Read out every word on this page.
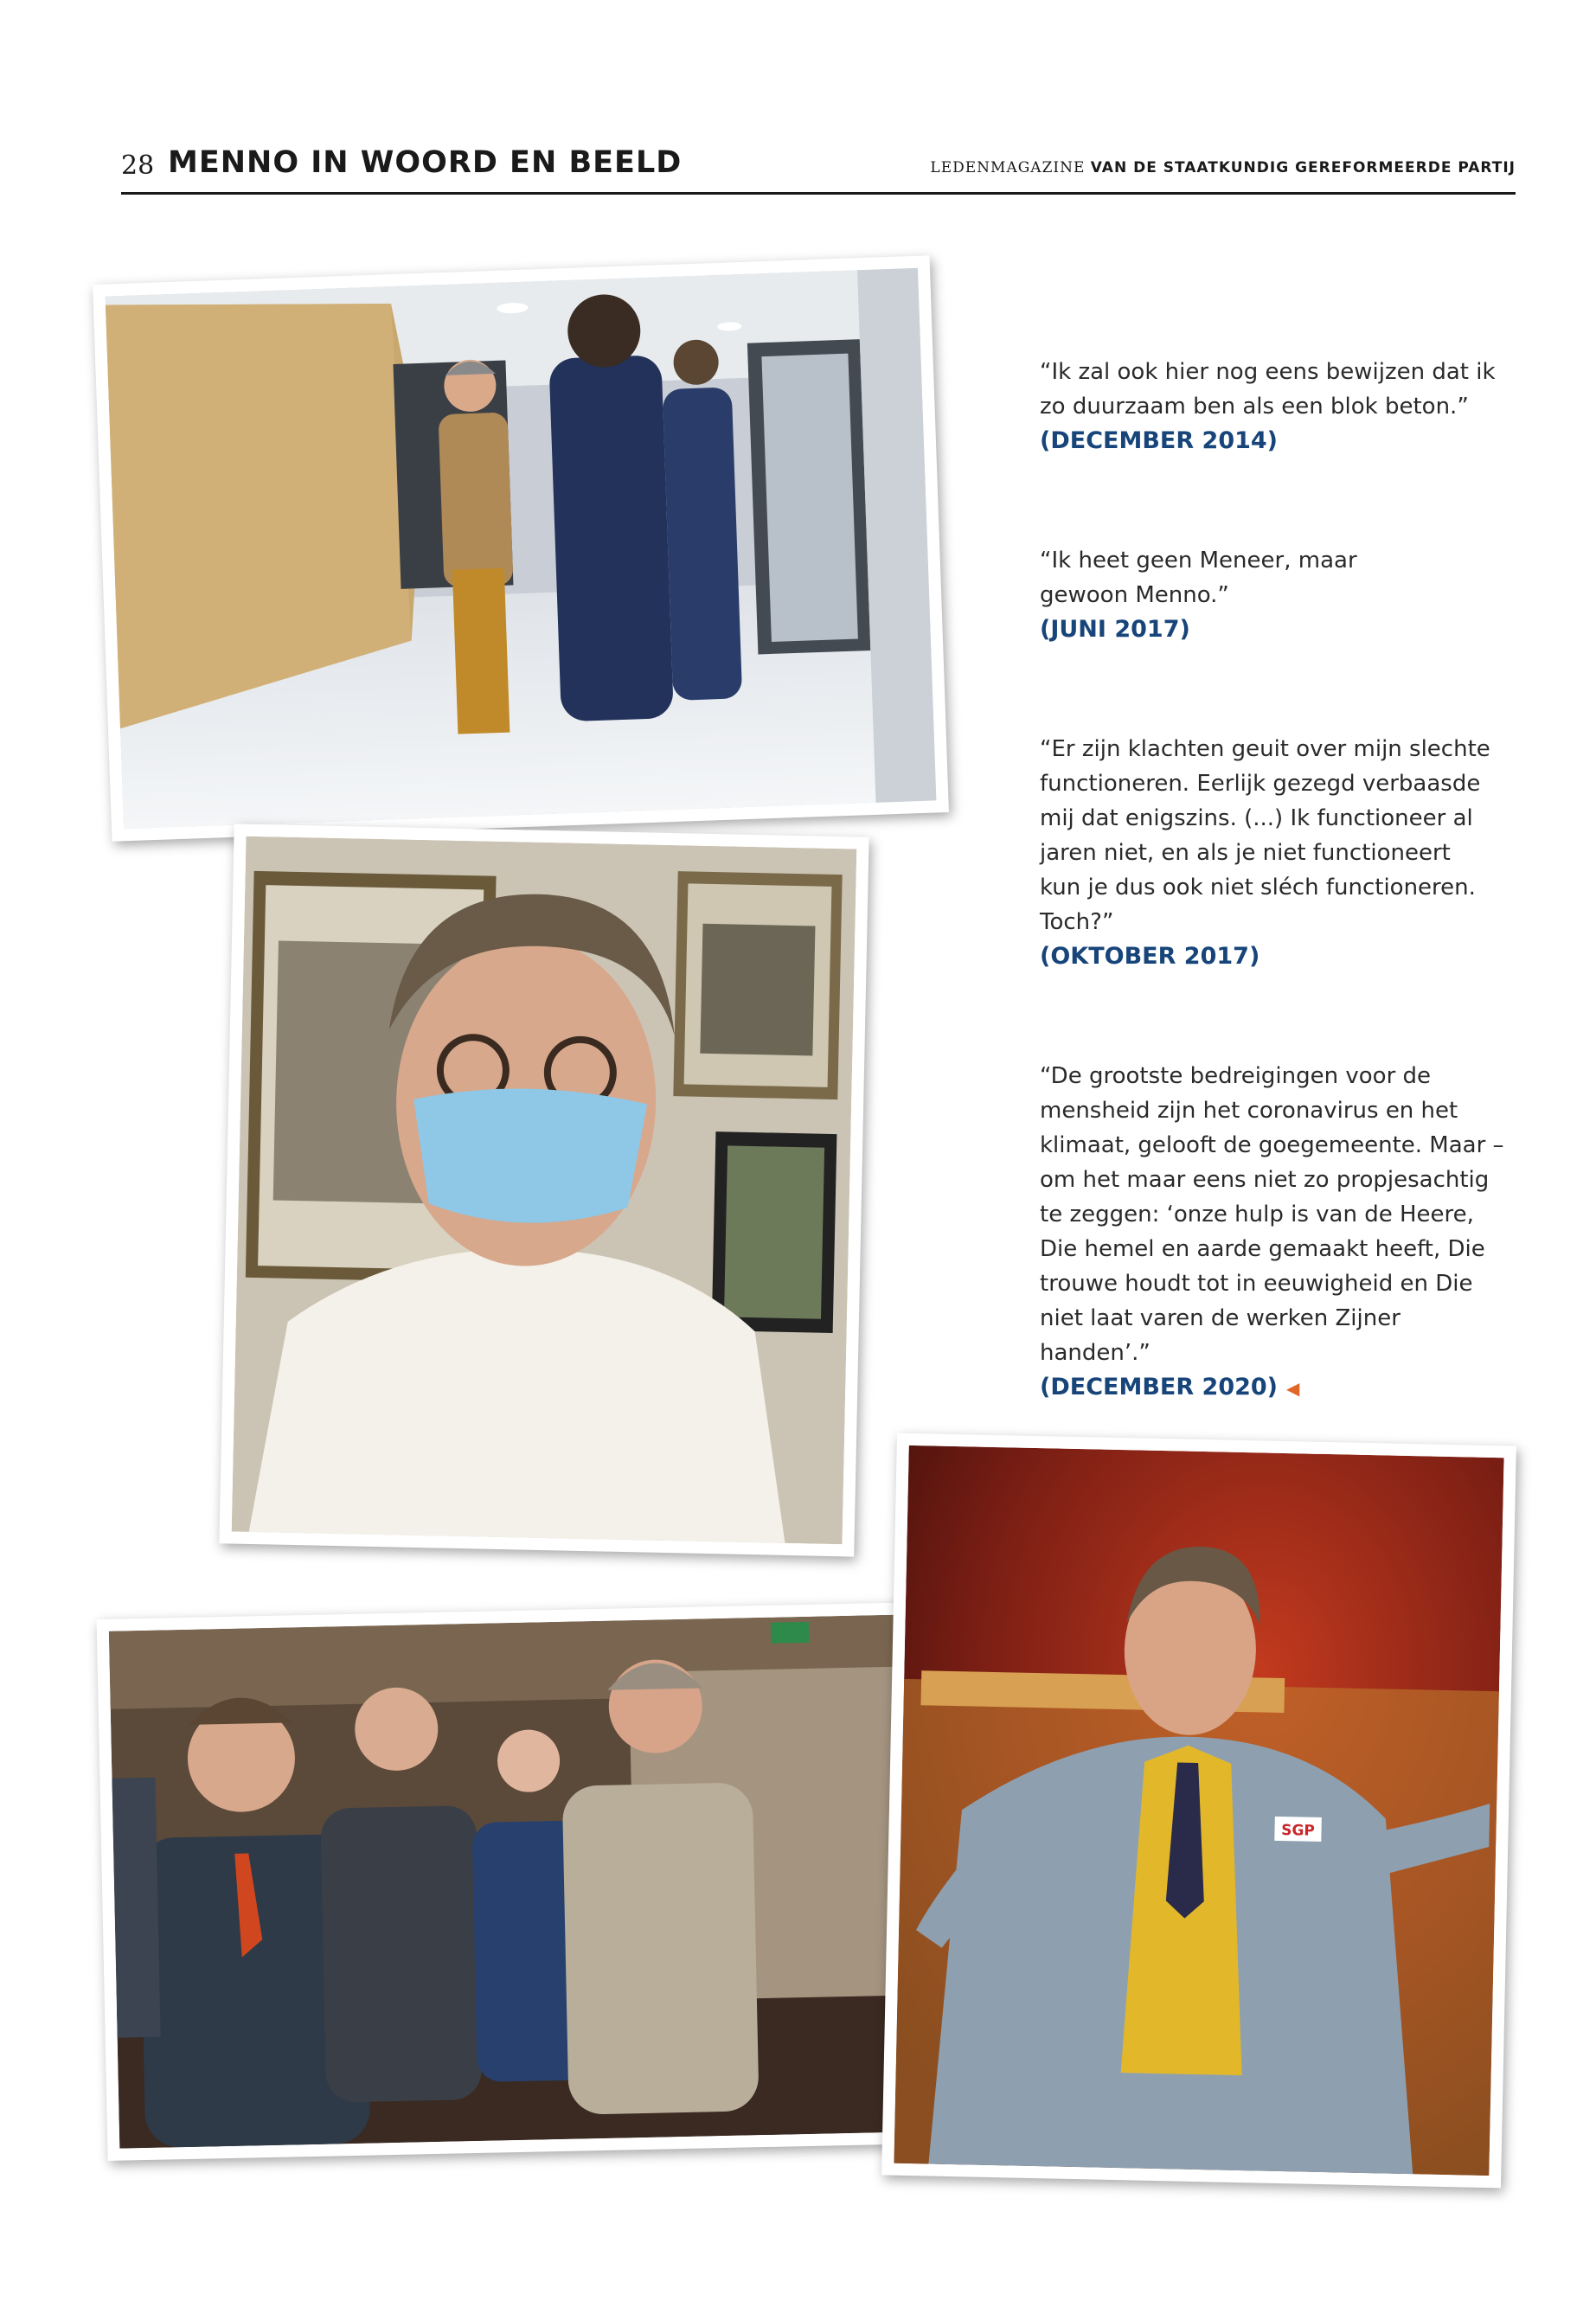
28 MENNO IN WOORD EN BEELD	LEDENMAGAZINE VAN DE STAATKUNDIG GEREFORMEERDE PARTIJ
SGP
“Ik zal ook hier nog eens bewijzen dat ik
zo duurzaam ben als een blok beton.”
(DECEMBER 2014)
“Ik heet geen Meneer, maar
gewoon Menno.”
(JUNI 2017)
“Er zijn klachten geuit over mijn slechte
functioneren. Eerlijk gezegd verbaasde
mij dat enigszins. (...) Ik functioneer al
jaren niet, en als je niet functioneert
kun je dus ook niet sléch functioneren.
Toch?”
(OKTOBER 2017)
“De grootste bedreigingen voor de
mensheid zijn het coronavirus en het
klimaat, gelooft de goegemeente. Maar –
om het maar eens niet zo propjesachtig
te zeggen: ‘onze hulp is van de Heere,
Die hemel en aarde gemaakt heeft, Die
trouwe houdt tot in eeuwigheid en Die
niet laat varen de werken Zijner handen’.”
(DECEMBER 2020) ◀
